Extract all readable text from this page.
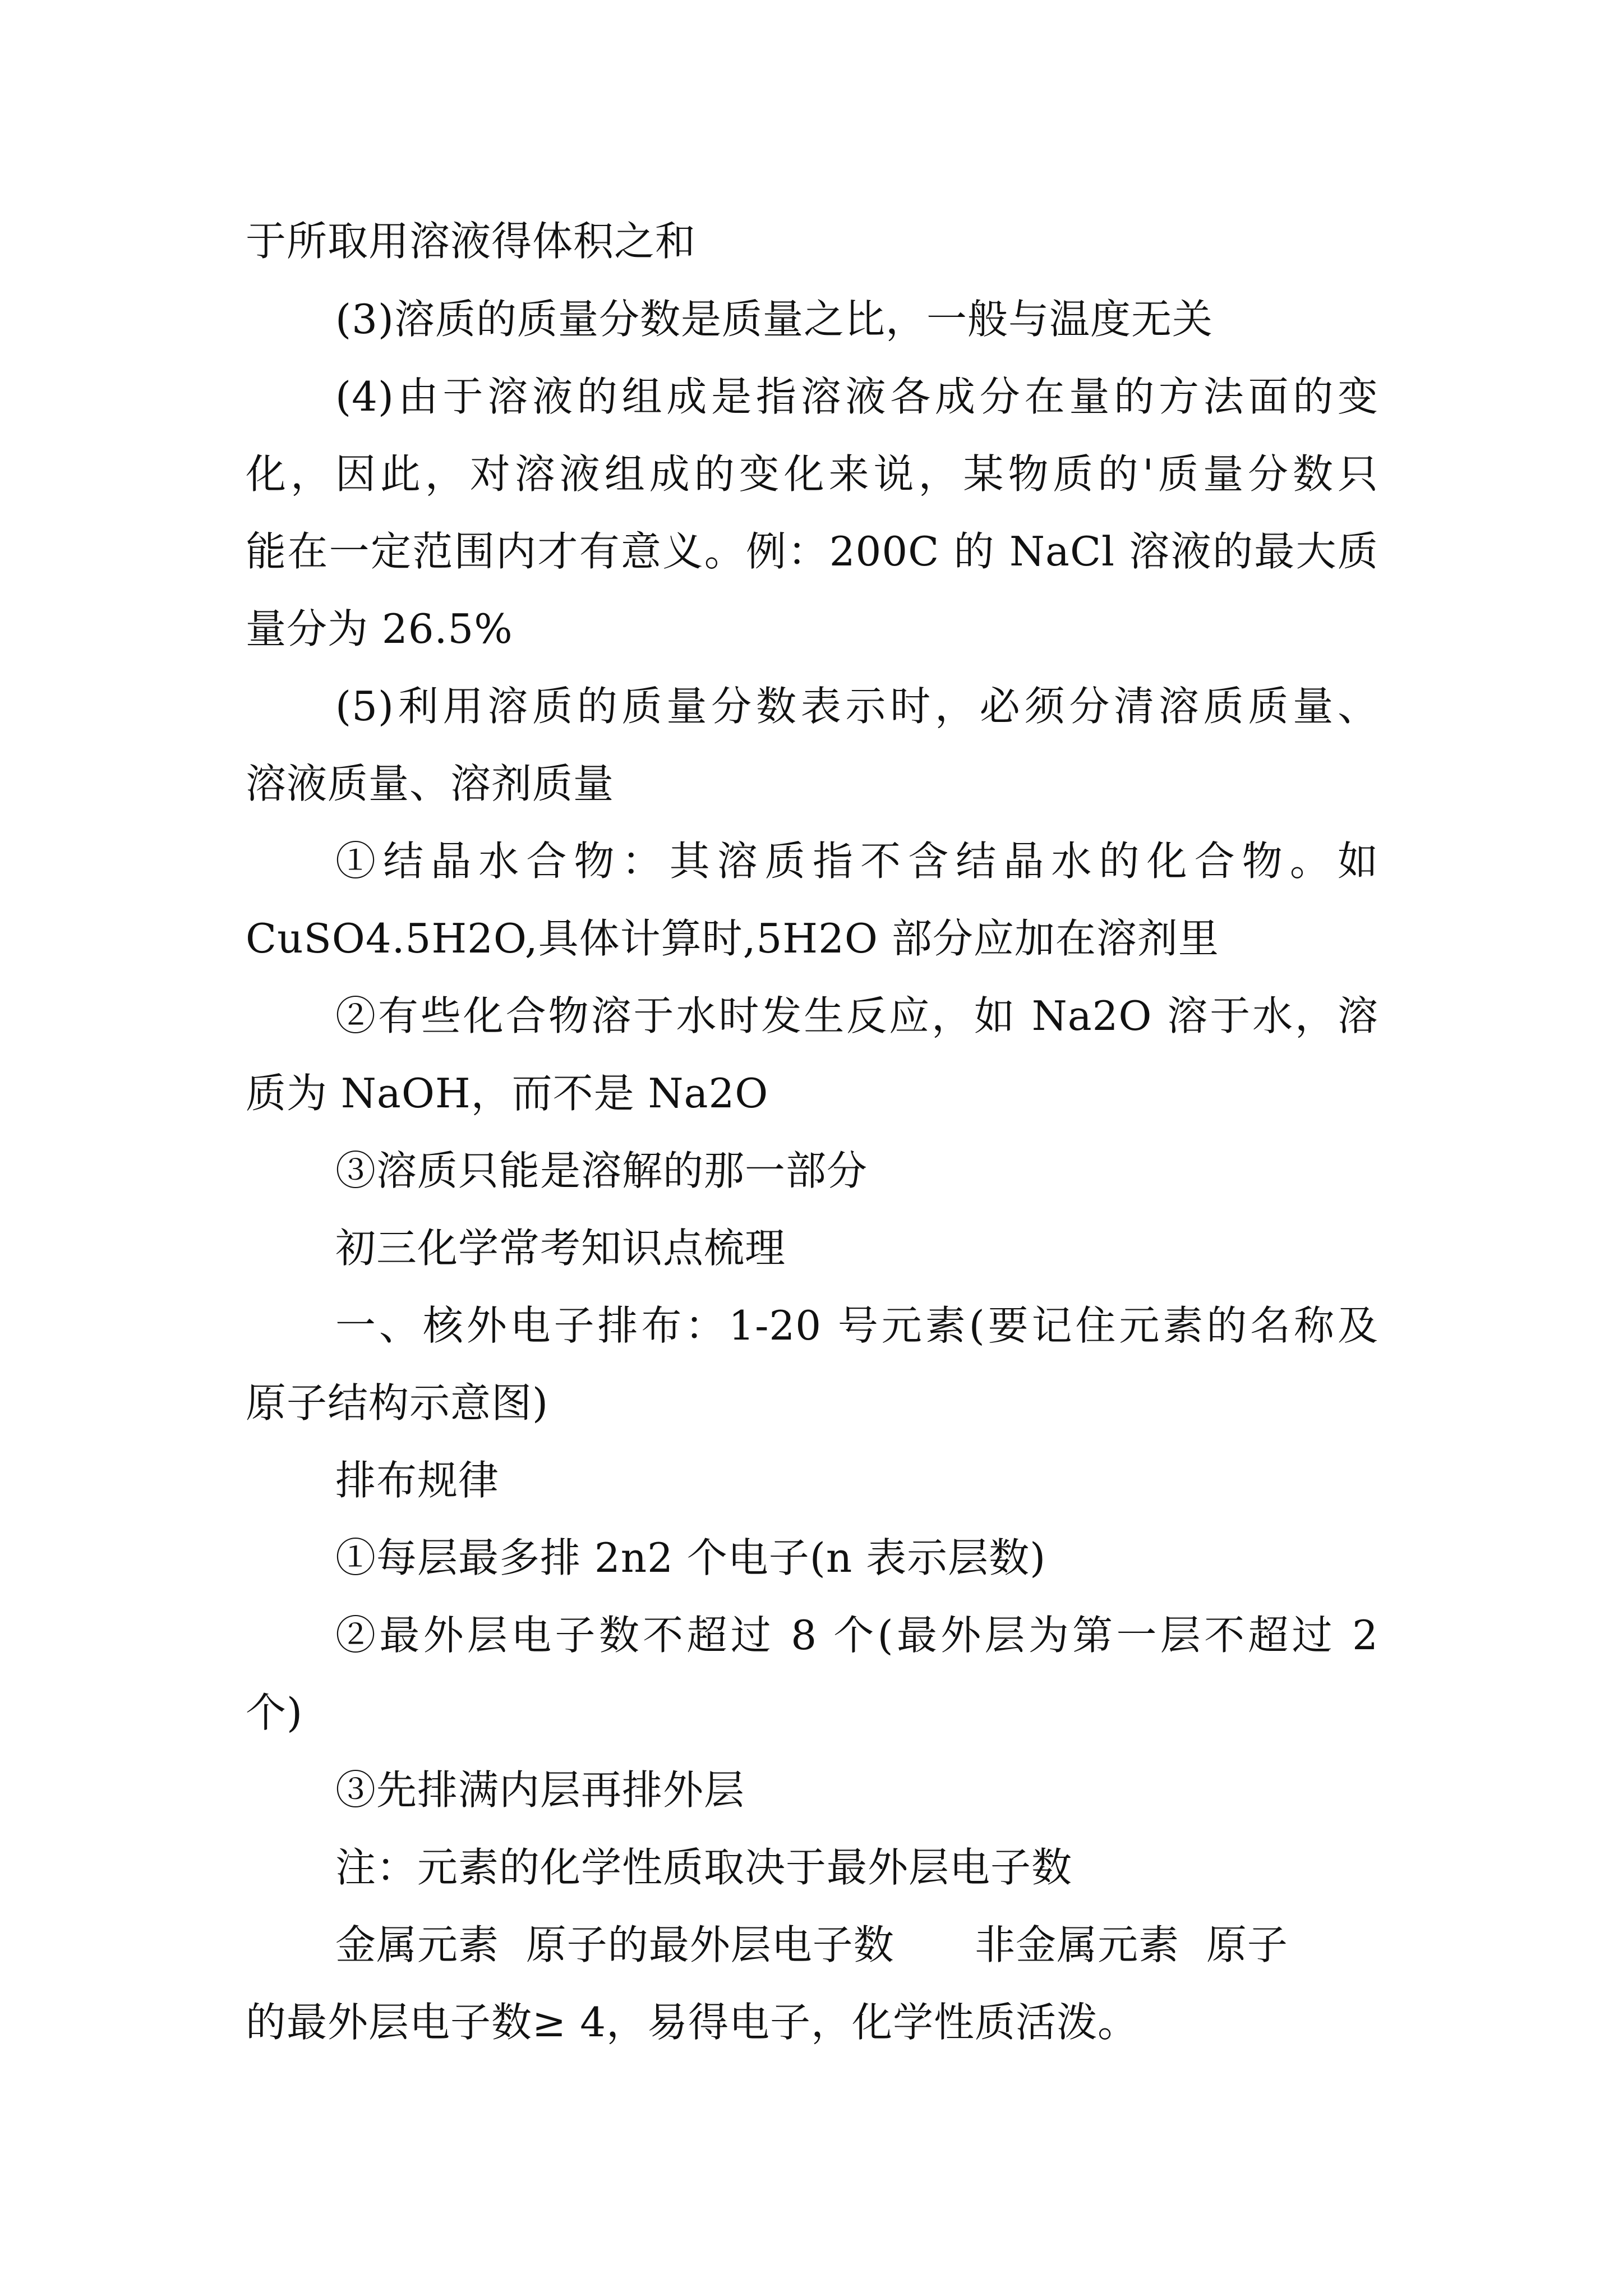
于所取用溶液得体积之和
(3)溶质的质量分数是质量之比，一般与温度无关
(4)由于溶液的组成是指溶液各成分在量的方法面的变
化，因此，对溶液组成的变化来说，某物质的'质量分数只
能在一定范围内才有意义。例：200C 的 NaCl 溶液的最大质
量分为 26.5%
(5)利用溶质的质量分数表示时，必须分清溶质质量、
溶液质量、溶剂质量
①结晶水合物：其溶质指不含结晶水的化合物。如
CuSO4.5H2O,具体计算时,5H2O 部分应加在溶剂里
②有些化合物溶于水时发生反应，如 Na2O 溶于水，溶
质为 NaOH，而不是 Na2O
③溶质只能是溶解的那一部分
初三化学常考知识点梳理
一、核外电子排布：1-20 号元素(要记住元素的名称及
原子结构示意图)
排布规律
①每层最多排 2n2 个电子(n 表示层数)
②最外层电子数不超过 8 个(最外层为第一层不超过 2
个)
③先排满内层再排外层
注：元素的化学性质取决于最外层电子数
金属元素  原子的最外层电子数      非金属元素  原子
的最外层电子数≥ 4，易得电子，化学性质活泼。
